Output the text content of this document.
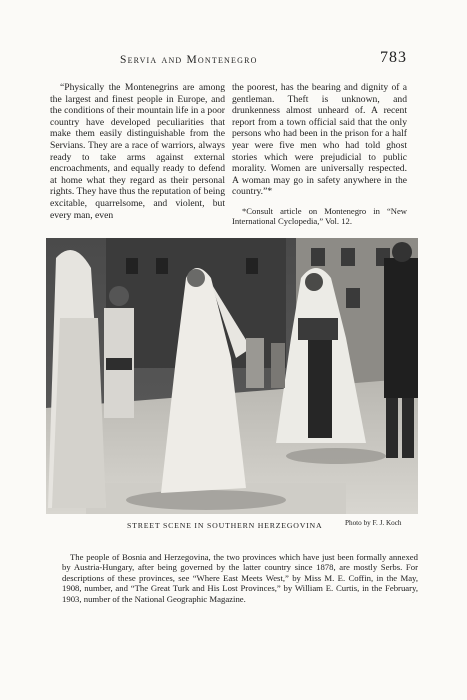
Servia and Montenegro	783

“Physically the Montenegrins are among the largest and finest people in Europe, and the conditions of their mountain life in a poor country have developed peculiarities that make them easily distinguishable from the Servians. They are a race of warriors, always ready to take arms against external encroachments, and equally ready to defend at home what they regard as their personal rights. They have thus the reputation of being excitable, quarrelsome, and violent, but every man, even

the poorest, has the bearing and dignity of a gentleman. Theft is unknown, and drunkenness almost unheard of. A recent report from a town official said that the only persons who had been in the prison for a half year were five men who had told ghost stories which were prejudicial to public morality. Women are universally respected. A woman may go in safety anywhere in the country.”*

*Consult article on Montenegro in “New International Cyclopedia,” Vol. 12.

STREET SCENE IN SOUTHERN HERZEGOVINA	Photo by F. J. Koch

The people of Bosnia and Herzegovina, the two provinces which have just been formally annexed by Austria-Hungary, after being governed by the latter country since 1878, are mostly Serbs. For descriptions of these provinces, see “Where East Meets West,” by Miss M. E. Coffin, in the May, 1908, number, and “The Great Turk and His Lost Provinces,” by William E. Curtis, in the February, 1903, number of the National Geographic Magazine.
